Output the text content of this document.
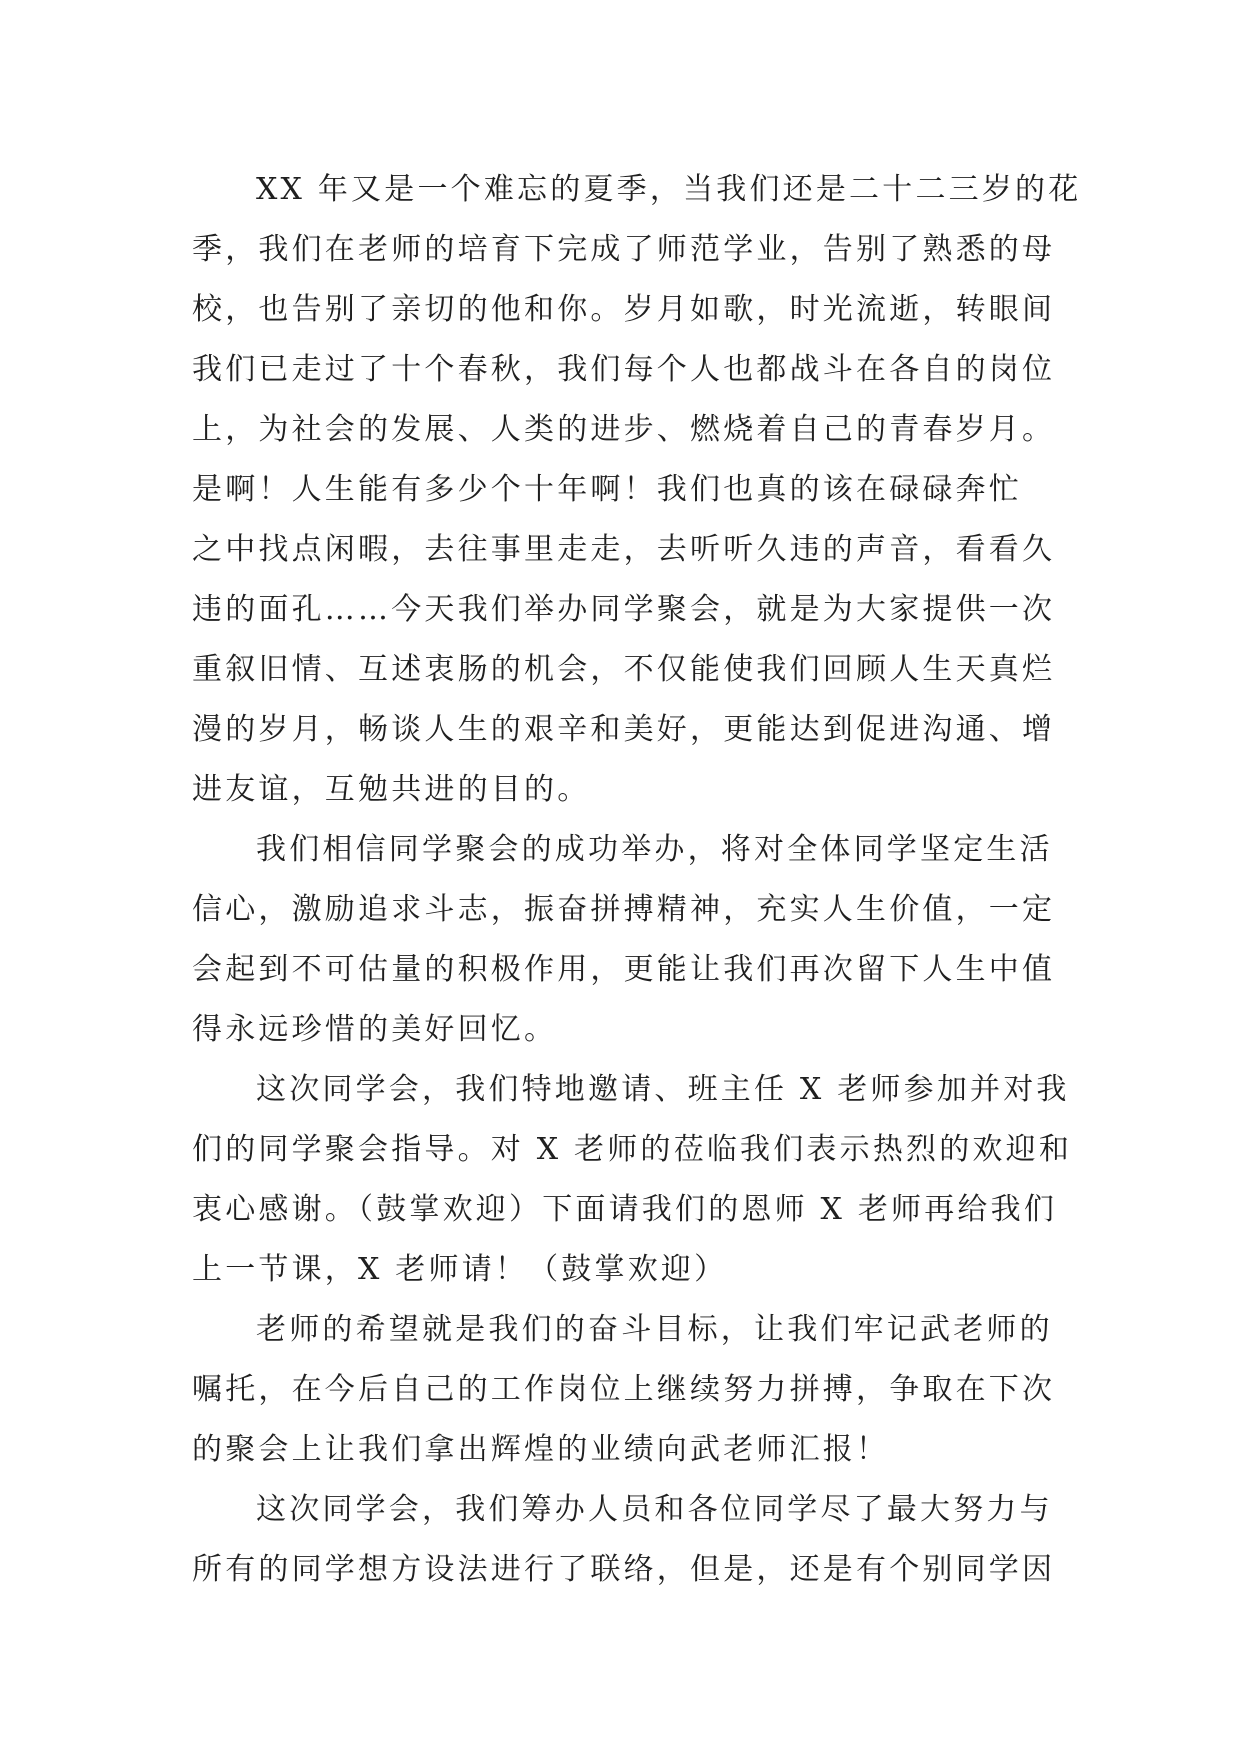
XX 年又是一个难忘的夏季，当我们还是二十二三岁的花
季，我们在老师的培育下完成了师范学业，告别了熟悉的母
校，也告别了亲切的他和你。岁月如歌，时光流逝，转眼间
我们已走过了十个春秋，我们每个人也都战斗在各自的岗位
上，为社会的发展、人类的进步、燃烧着自己的青春岁月。
是啊！人生能有多少个十年啊！我们也真的该在碌碌奔忙
之中找点闲暇，去往事里走走，去听听久违的声音，看看久
违的面孔……今天我们举办同学聚会，就是为大家提供一次
重叙旧情、互述衷肠的机会，不仅能使我们回顾人生天真烂
漫的岁月，畅谈人生的艰辛和美好，更能达到促进沟通、增
进友谊，互勉共进的目的。
我们相信同学聚会的成功举办，将对全体同学坚定生活
信心，激励追求斗志，振奋拼搏精神，充实人生价值，一定
会起到不可估量的积极作用，更能让我们再次留下人生中值
得永远珍惜的美好回忆。
这次同学会，我们特地邀请、班主任 X 老师参加并对我
们的同学聚会指导。对 X 老师的莅临我们表示热烈的欢迎和
衷心感谢。（鼓掌欢迎）下面请我们的恩师 X 老师再给我们
上一节课，X 老师请！（鼓掌欢迎）
老师的希望就是我们的奋斗目标，让我们牢记武老师的
嘱托，在今后自己的工作岗位上继续努力拼搏，争取在下次
的聚会上让我们拿出辉煌的业绩向武老师汇报！
这次同学会，我们筹办人员和各位同学尽了最大努力与
所有的同学想方设法进行了联络，但是，还是有个别同学因
